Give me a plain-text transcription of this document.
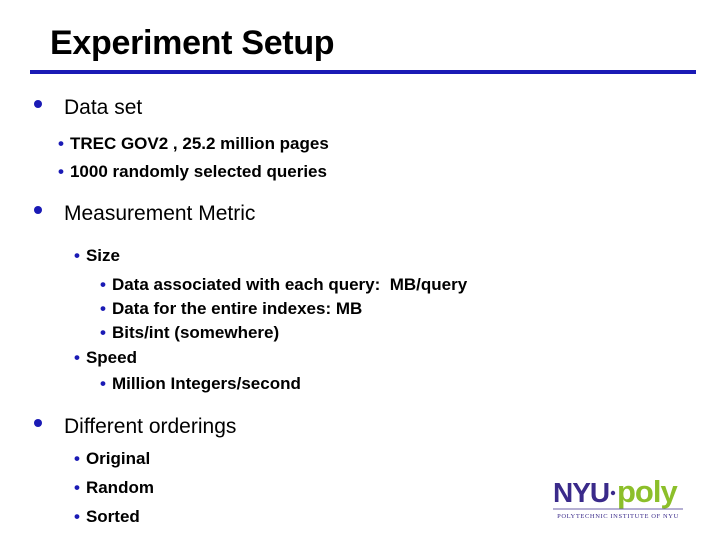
Experiment Setup
Data set
• TREC GOV2 , 25.2 million pages
• 1000 randomly selected queries
Measurement Metric
• Size
• Data associated with each query:  MB/query
• Data for the entire indexes: MB
• Bits/int (somewhere)
• Speed
• Million Integers/second
Different orderings
• Original
• Random
• Sorted
NYU poly
POLYTECHNIC INSTITUTE OF NYU
